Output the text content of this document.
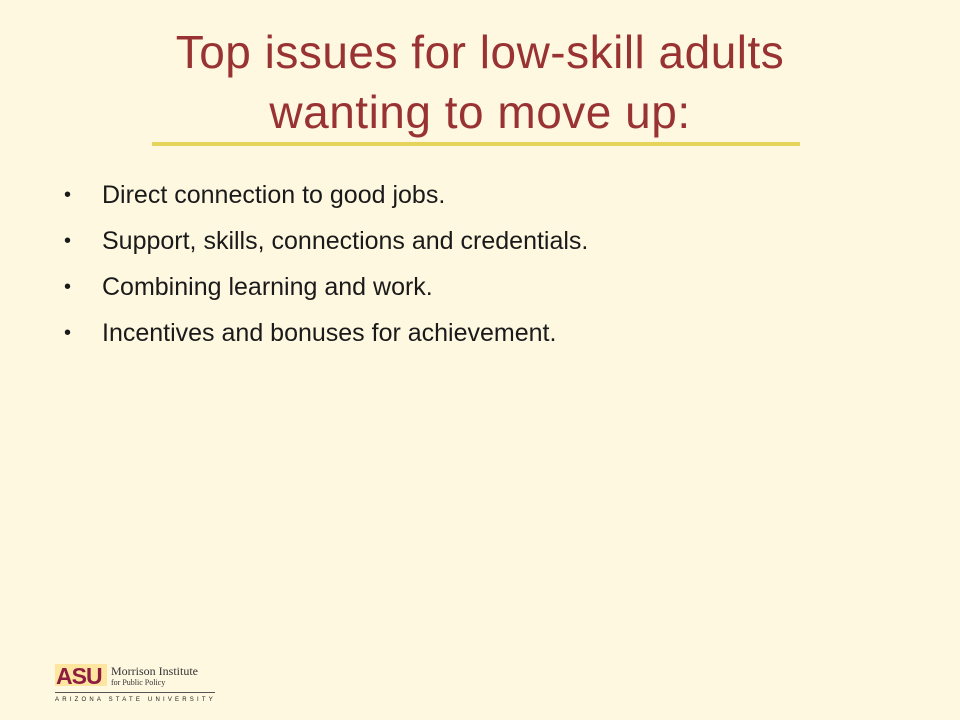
Top issues for low-skill adults
wanting to move up:
•	Direct connection to good jobs.
•	Support, skills, connections and credentials.
•	Combining learning and work.
•	Incentives and bonuses for achievement.
ASU Morrison Institute
for Public Policy
ARIZONA STATE UNIVERSITY
